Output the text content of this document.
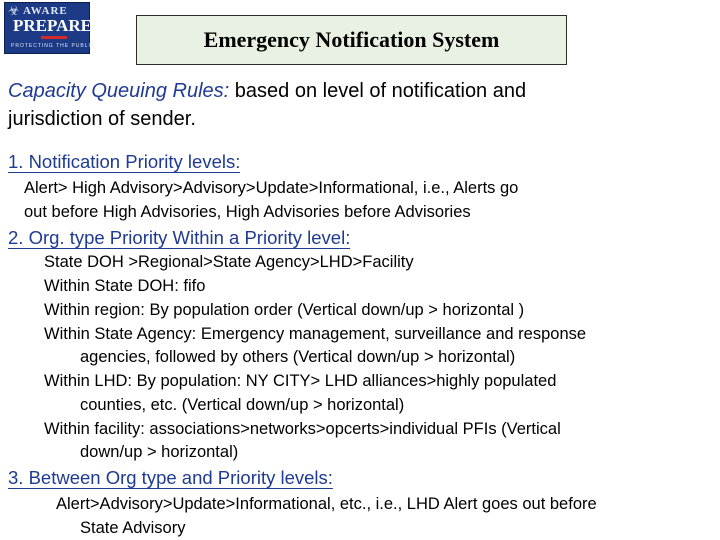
☣ AWARE
PREPARE
PROTECTING THE PUBLIC	Emergency Notification System
Capacity Queuing Rules: based on level of notification and
jurisdiction of sender.
1. Notification Priority levels:
Alert> High Advisory>Advisory>Update>Informational, i.e., Alerts go
out before High Advisories, High Advisories before Advisories
2. Org. type Priority Within a Priority level:
State DOH >Regional>State Agency>LHD>Facility
Within State DOH: fifo
Within region: By population order (Vertical down/up > horizontal )
Within State Agency: Emergency management, surveillance and response
agencies, followed by others (Vertical down/up > horizontal)
Within LHD: By population: NY CITY> LHD alliances>highly populated
counties, etc. (Vertical down/up > horizontal)
Within facility: associations>networks>opcerts>individual PFIs (Vertical
down/up > horizontal)
3. Between Org type and Priority levels:
Alert>Advisory>Update>Informational, etc., i.e., LHD Alert goes out before
State Advisory
